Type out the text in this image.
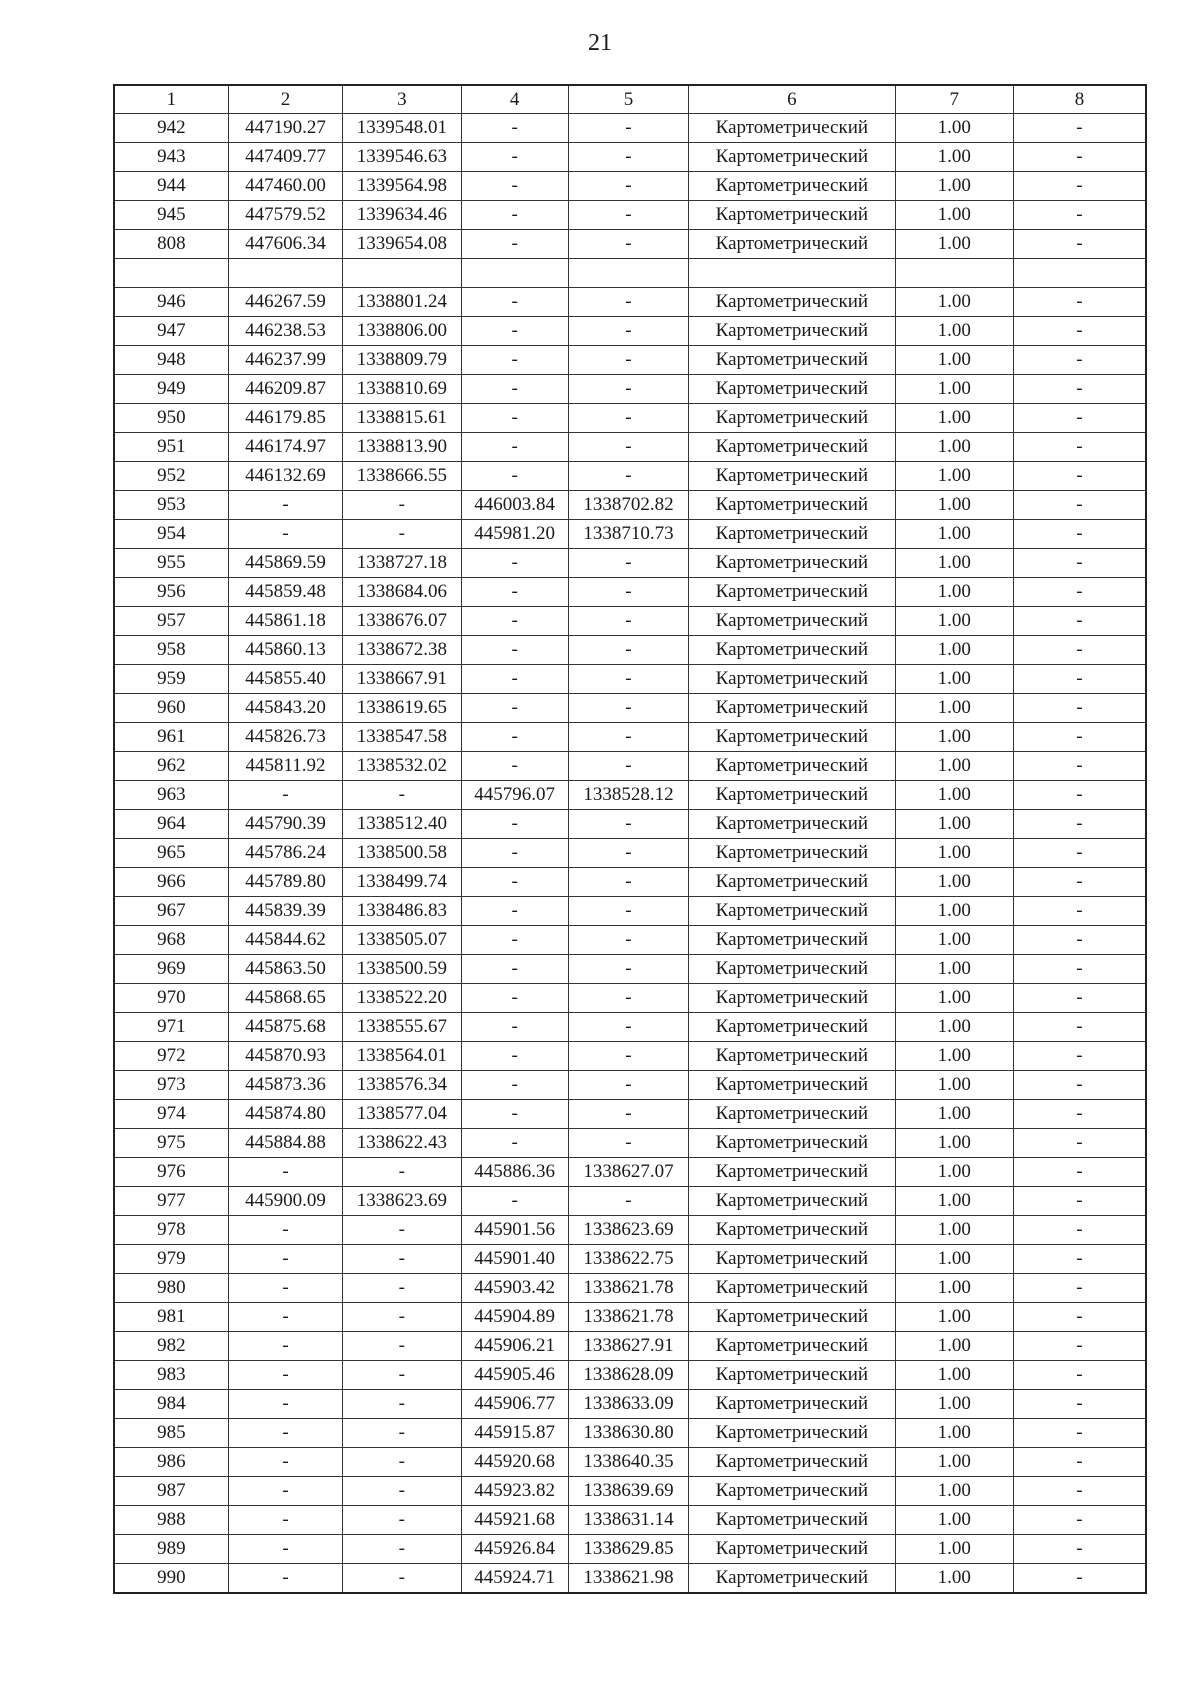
21
1	2	3	4	5	6	7	8
942	447190.27	1339548.01	-	-	Картометрический	1.00	-
943	447409.77	1339546.63	-	-	Картометрический	1.00	-
944	447460.00	1339564.98	-	-	Картометрический	1.00	-
945	447579.52	1339634.46	-	-	Картометрический	1.00	-
808	447606.34	1339654.08	-	-	Картометрический	1.00	-

946	446267.59	1338801.24	-	-	Картометрический	1.00	-
947	446238.53	1338806.00	-	-	Картометрический	1.00	-
948	446237.99	1338809.79	-	-	Картометрический	1.00	-
949	446209.87	1338810.69	-	-	Картометрический	1.00	-
950	446179.85	1338815.61	-	-	Картометрический	1.00	-
951	446174.97	1338813.90	-	-	Картометрический	1.00	-
952	446132.69	1338666.55	-	-	Картометрический	1.00	-
953	-	-	446003.84	1338702.82	Картометрический	1.00	-
954	-	-	445981.20	1338710.73	Картометрический	1.00	-
955	445869.59	1338727.18	-	-	Картометрический	1.00	-
956	445859.48	1338684.06	-	-	Картометрический	1.00	-
957	445861.18	1338676.07	-	-	Картометрический	1.00	-
958	445860.13	1338672.38	-	-	Картометрический	1.00	-
959	445855.40	1338667.91	-	-	Картометрический	1.00	-
960	445843.20	1338619.65	-	-	Картометрический	1.00	-
961	445826.73	1338547.58	-	-	Картометрический	1.00	-
962	445811.92	1338532.02	-	-	Картометрический	1.00	-
963	-	-	445796.07	1338528.12	Картометрический	1.00	-
964	445790.39	1338512.40	-	-	Картометрический	1.00	-
965	445786.24	1338500.58	-	-	Картометрический	1.00	-
966	445789.80	1338499.74	-	-	Картометрический	1.00	-
967	445839.39	1338486.83	-	-	Картометрический	1.00	-
968	445844.62	1338505.07	-	-	Картометрический	1.00	-
969	445863.50	1338500.59	-	-	Картометрический	1.00	-
970	445868.65	1338522.20	-	-	Картометрический	1.00	-
971	445875.68	1338555.67	-	-	Картометрический	1.00	-
972	445870.93	1338564.01	-	-	Картометрический	1.00	-
973	445873.36	1338576.34	-	-	Картометрический	1.00	-
974	445874.80	1338577.04	-	-	Картометрический	1.00	-
975	445884.88	1338622.43	-	-	Картометрический	1.00	-
976	-	-	445886.36	1338627.07	Картометрический	1.00	-
977	445900.09	1338623.69	-	-	Картометрический	1.00	-
978	-	-	445901.56	1338623.69	Картометрический	1.00	-
979	-	-	445901.40	1338622.75	Картометрический	1.00	-
980	-	-	445903.42	1338621.78	Картометрический	1.00	-
981	-	-	445904.89	1338621.78	Картометрический	1.00	-
982	-	-	445906.21	1338627.91	Картометрический	1.00	-
983	-	-	445905.46	1338628.09	Картометрический	1.00	-
984	-	-	445906.77	1338633.09	Картометрический	1.00	-
985	-	-	445915.87	1338630.80	Картометрический	1.00	-
986	-	-	445920.68	1338640.35	Картометрический	1.00	-
987	-	-	445923.82	1338639.69	Картометрический	1.00	-
988	-	-	445921.68	1338631.14	Картометрический	1.00	-
989	-	-	445926.84	1338629.85	Картометрический	1.00	-
990	-	-	445924.71	1338621.98	Картометрический	1.00	-
